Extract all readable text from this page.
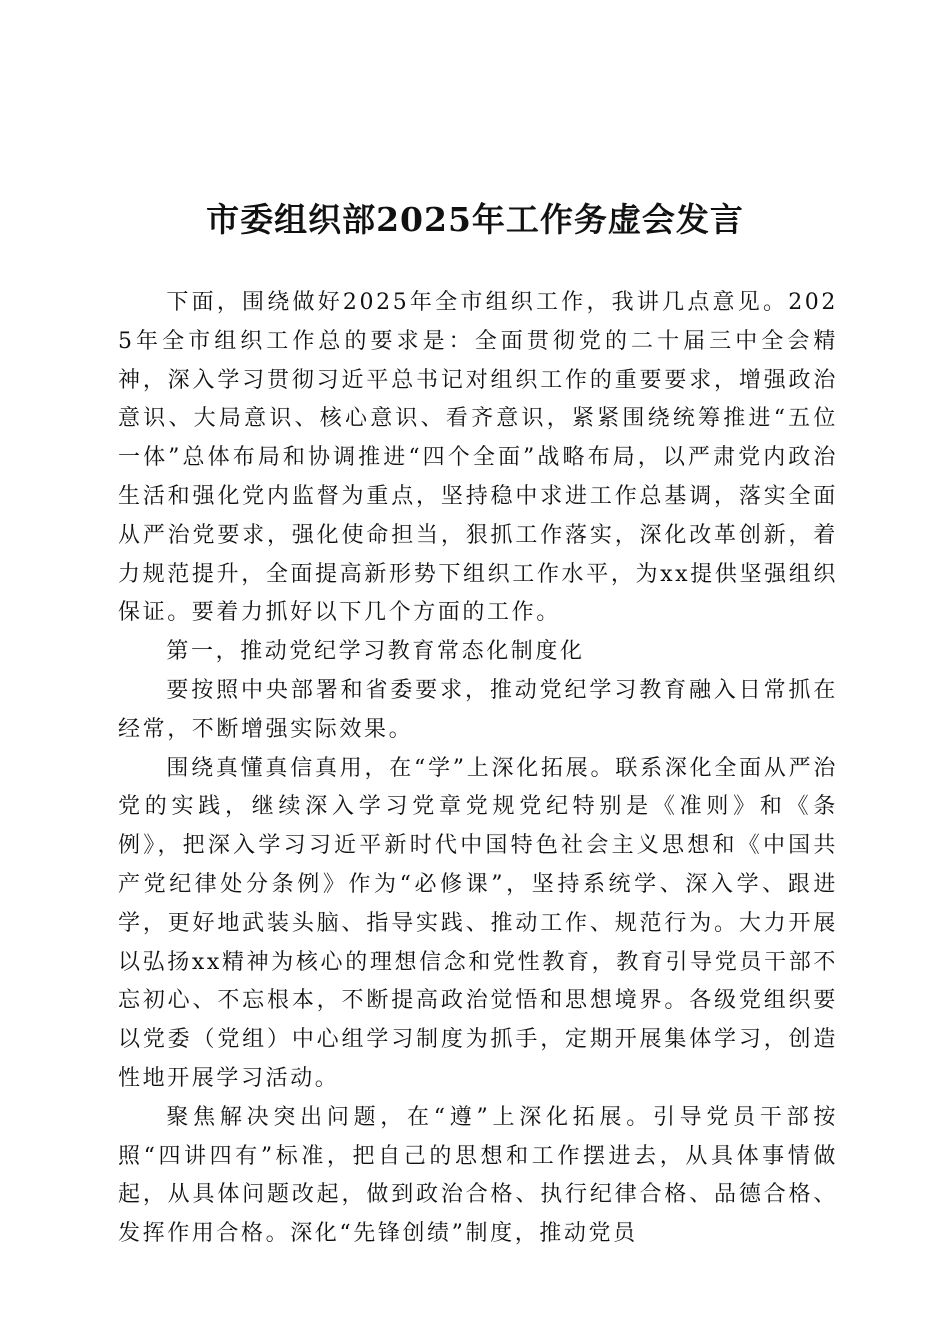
市委组织部2025年工作务虚会发言

下面，围绕做好2025年全市组织工作，我讲几点意见。2025年全市组织工作总的要求是：全面贯彻党的二十届三中全会精神，深入学习贯彻习近平总书记对组织工作的重要要求，增强政治意识、大局意识、核心意识、看齐意识，紧紧围绕统筹推进“五位一体”总体布局和协调推进“四个全面”战略布局，以严肃党内政治生活和强化党内监督为重点，坚持稳中求进工作总基调，落实全面从严治党要求，强化使命担当，狠抓工作落实，深化改革创新，着力规范提升，全面提高新形势下组织工作水平，为xx提供坚强组织保证。要着力抓好以下几个方面的工作。

第一，推动党纪学习教育常态化制度化

要按照中央部署和省委要求，推动党纪学习教育融入日常抓在经常，不断增强实际效果。

围绕真懂真信真用，在“学”上深化拓展。联系深化全面从严治党的实践，继续深入学习党章党规党纪特别是《准则》和《条例》，把深入学习习近平新时代中国特色社会主义思想和《中国共产党纪律处分条例》作为“必修课”，坚持系统学、深入学、跟进学，更好地武装头脑、指导实践、推动工作、规范行为。大力开展以弘扬xx精神为核心的理想信念和党性教育，教育引导党员干部不忘初心、不忘根本，不断提高政治觉悟和思想境界。各级党组织要以党委（党组）中心组学习制度为抓手，定期开展集体学习，创造性地开展学习活动。

聚焦解决突出问题，在“遵”上深化拓展。引导党员干部按照“四讲四有”标准，把自己的思想和工作摆进去，从具体事情做起，从具体问题改起，做到政治合格、执行纪律合格、品德合格、发挥作用合格。深化“先锋创绩”制度，推动党员
